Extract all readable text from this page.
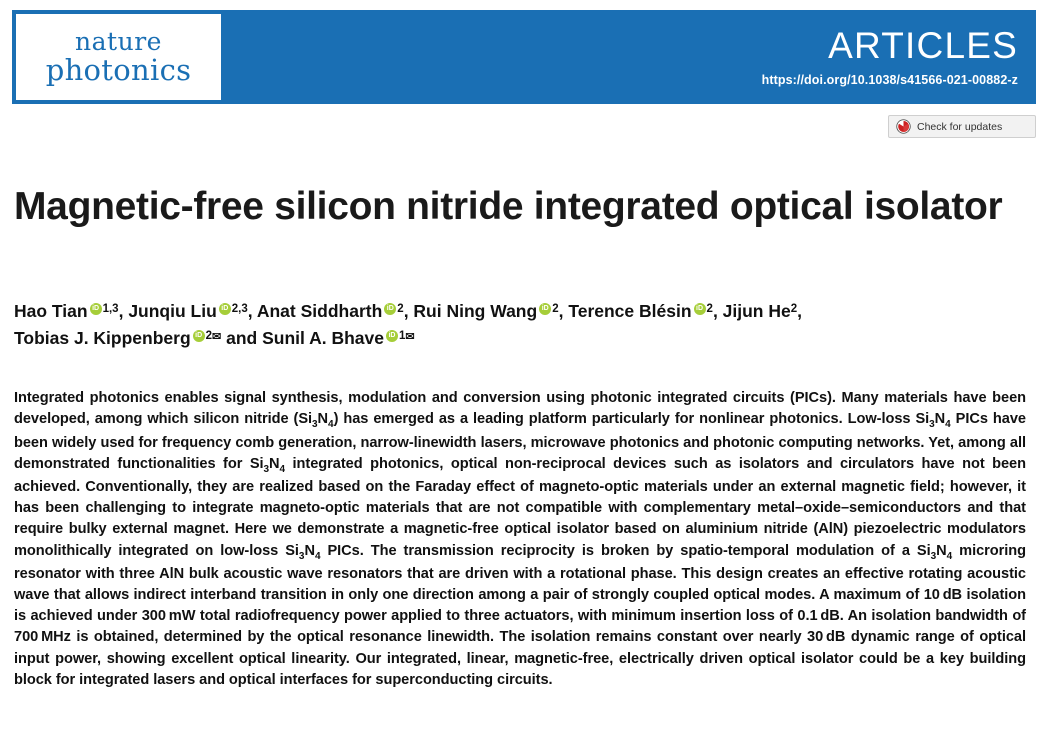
nature
photonics
ARTICLES
https://doi.org/10.1038/s41566-021-00882-z
Check for updates
Magnetic-free silicon nitride integrated optical isolator
Hao Tian iD $^{1,3}$, Junqiu Liu iD $^{2,3}$, Anat Siddharth iD $^2$, Rui Ning Wang iD $^2$, Terence Blésin iD $^2$, Jijun He$^2$,
Tobias J. Kippenberg iD $^{2✉}$ and Sunil A. Bhave iD $^{1✉}$
Integrated photonics enables signal synthesis, modulation and conversion using photonic integrated circuits (PICs). Many materials have been developed, among which silicon nitride $(Si_3N_4)$ has emerged as a leading platform particularly for nonlinear photonics. Low-loss $Si_3N_4$ PICs have been widely used for frequency comb generation, narrow-linewidth lasers, microwave photonics and photonic computing networks. Yet, among all demonstrated functionalities for $Si_3N_4$ integrated photonics, optical non-reciprocal devices such as isolators and circulators have not been achieved. Conventionally, they are realized based on the Faraday effect of magneto-optic materials under an external magnetic field; however, it has been challenging to integrate magneto-optic materials that are not compatible with complementary metal–oxide–semiconductors and that require bulky external magnet. Here we demonstrate a magnetic-free optical isolator based on aluminium nitride (AlN) piezoelectric modulators monolithically integrated on low-loss $Si_3N_4$ PICs. The transmission reciprocity is broken by spatio-temporal modulation of a $Si_3N_4$ microring resonator with three AlN bulk acoustic wave resonators that are driven with a rotational phase. This design creates an effective rotating acoustic wave that allows indirect interband transition in only one direction among a pair of strongly coupled optical modes. A maximum of 10 dB isolation is achieved under 300 mW total radiofrequency power applied to three actuators, with minimum insertion loss of 0.1 dB. An isolation bandwidth of 700 MHz is obtained, determined by the optical resonance linewidth. The isolation remains constant over nearly 30 dB dynamic range of optical input power, showing excellent optical linearity. Our integrated, linear, magnetic-free, electrically driven optical isolator could be a key building block for integrated lasers and optical interfaces for superconducting circuits.
